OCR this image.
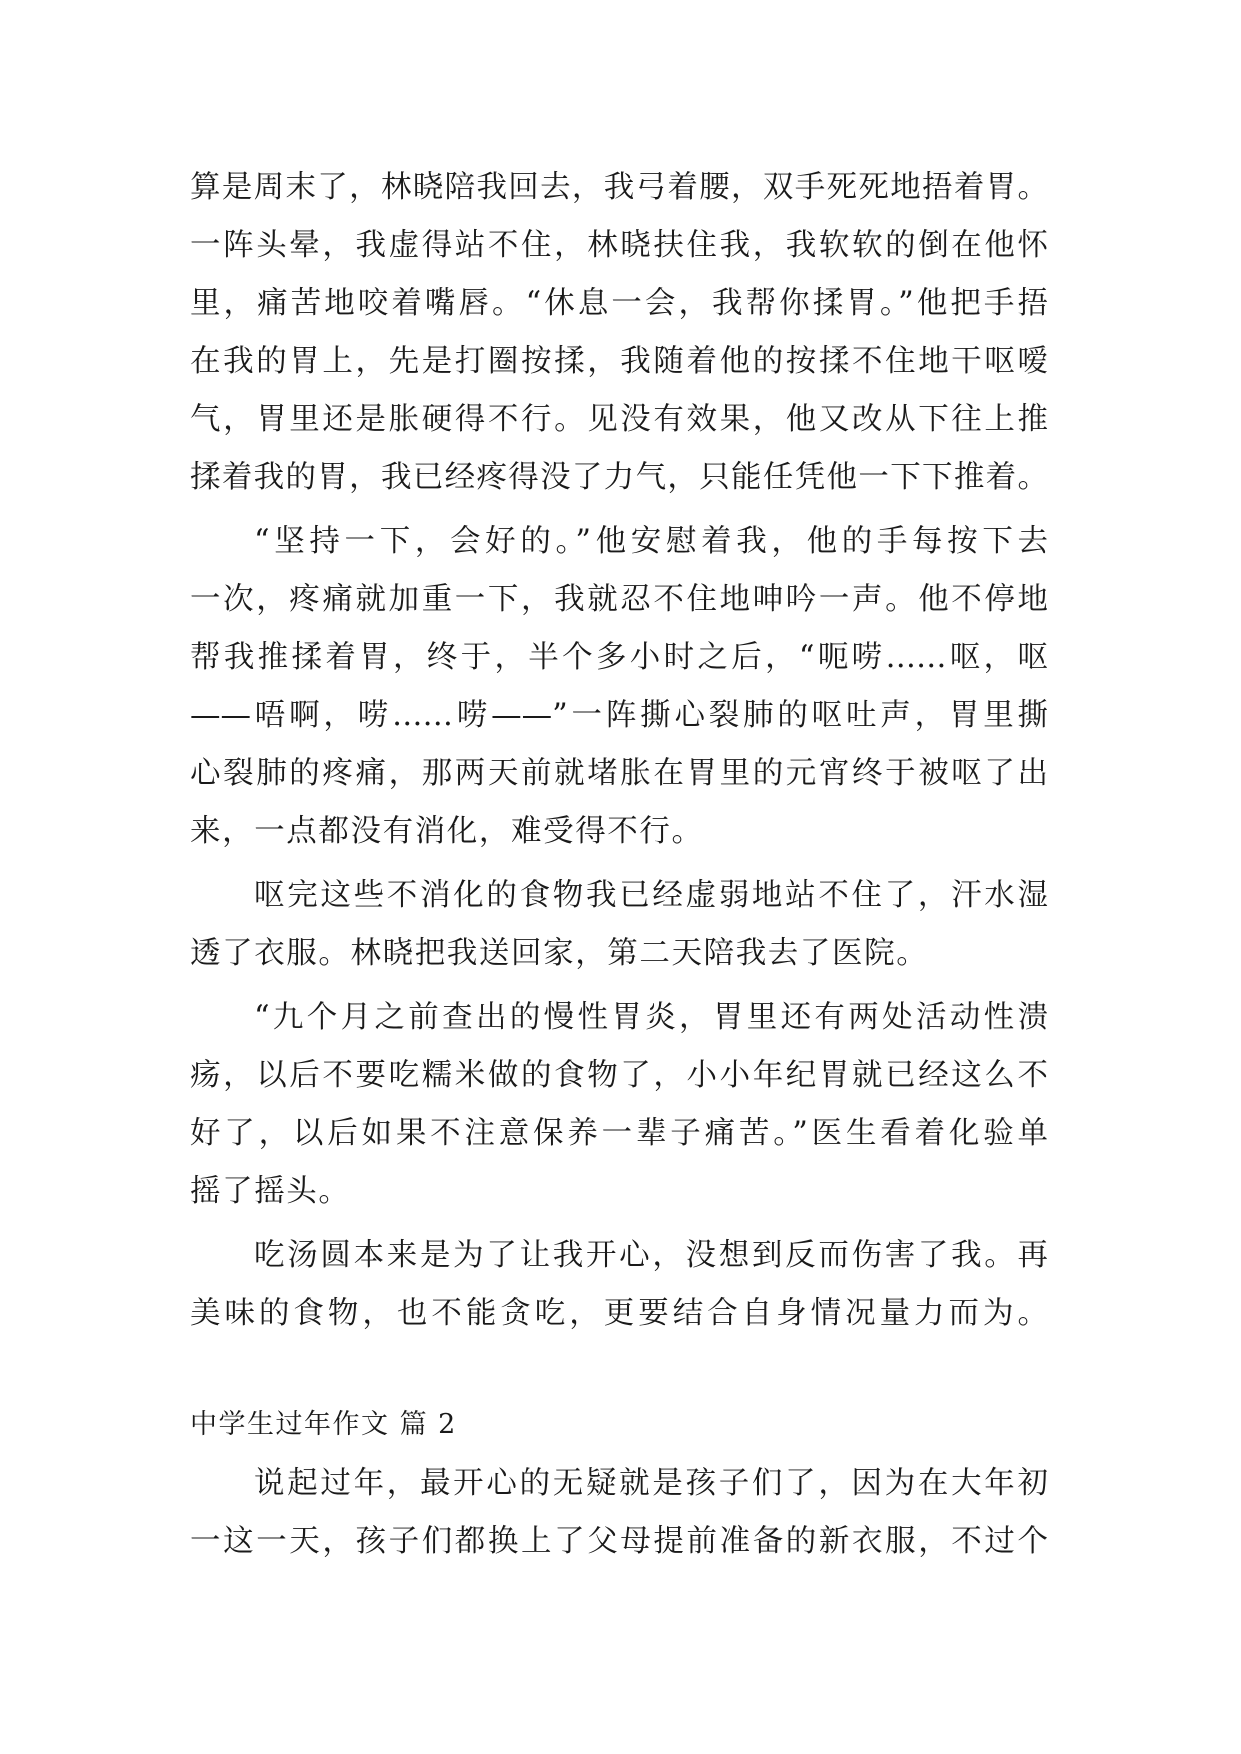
算是周末了，林晓陪我回去，我弓着腰，双手死死地捂着胃。
一阵头晕，我虚得站不住，林晓扶住我，我软软的倒在他怀
里，痛苦地咬着嘴唇。“休息一会，我帮你揉胃。”他把手捂
在我的胃上，先是打圈按揉，我随着他的按揉不住地干呕嗳
气，胃里还是胀硬得不行。见没有效果，他又改从下往上推
揉着我的胃，我已经疼得没了力气，只能任凭他一下下推着。
“坚持一下，会好的。”他安慰着我，他的手每按下去
一次，疼痛就加重一下，我就忍不住地呻吟一声。他不停地
帮我推揉着胃，终于，半个多小时之后，“呃唠……呕，呕
——唔啊，唠……唠——”一阵撕心裂肺的呕吐声，胃里撕
心裂肺的疼痛，那两天前就堵胀在胃里的元宵终于被呕了出
来，一点都没有消化，难受得不行。
呕完这些不消化的食物我已经虚弱地站不住了，汗水湿
透了衣服。林晓把我送回家，第二天陪我去了医院。
“九个月之前查出的慢性胃炎，胃里还有两处活动性溃
疡，以后不要吃糯米做的食物了，小小年纪胃就已经这么不
好了，以后如果不注意保养一辈子痛苦。”医生看着化验单
摇了摇头。
吃汤圆本来是为了让我开心，没想到反而伤害了我。再
美味的食物，也不能贪吃，更要结合自身情况量力而为。
中学生过年作文 篇 2
说起过年，最开心的无疑就是孩子们了，因为在大年初
一这一天，孩子们都换上了父母提前准备的新衣服，不过个
